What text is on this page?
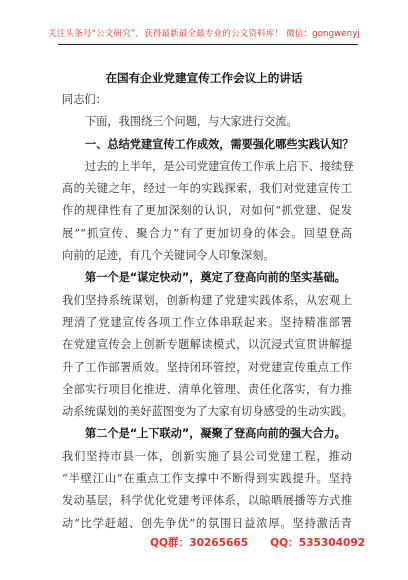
关注头条号“公文研究”，获得最新最全最专业的公文资料库！ 微信：gongwenyj
在国有企业党建宣传工作会议上的讲话
同志们：
下面，我围绕三个问题，与大家进行交流。
一、总结党建宣传工作成效，需要强化哪些实践认知？
过去的上半年，是公司党建宣传工作承上启下、接续登
高的关键之年，经过一年的实践探索，我们对党建宣传工
作的规律性有了更加深刻的认识，对如何“抓党建、促发
展”“抓宣传、聚合力”有了更加切身的体会。回望登高
向前的足迹，有几个关键词令人印象深刻。
第一个是“谋定快动”，奠定了登高向前的坚实基础。
我们坚持系统谋划，创新构建了党建实践体系，从宏观上
理清了党建宣传各项工作立体串联起来。坚持精准部署
在党建宣传会上创新专题解读模式，以沉浸式宣贯讲解提
升了工作部署质效。坚持闭环管控，对党建宣传重点工作
全部实行项目化推进、清单化管理、责任化落实，有力推
动系统谋划的美好蓝图变为了大家有切身感受的生动实践。
第二个是“上下联动”，凝聚了登高向前的强大合力。
我们坚持市县一体，创新实施了县公司党建工程，推动
“半壁江山”在重点工作支撑中不断得到实践提升。坚持
发动基层，科学优化党建考评体系，以晾晒展播等方式推
动“比学赶超、创先争优”的氛围日益浓厚。坚持激活青
QQ群：30265665 QQ：535304092
